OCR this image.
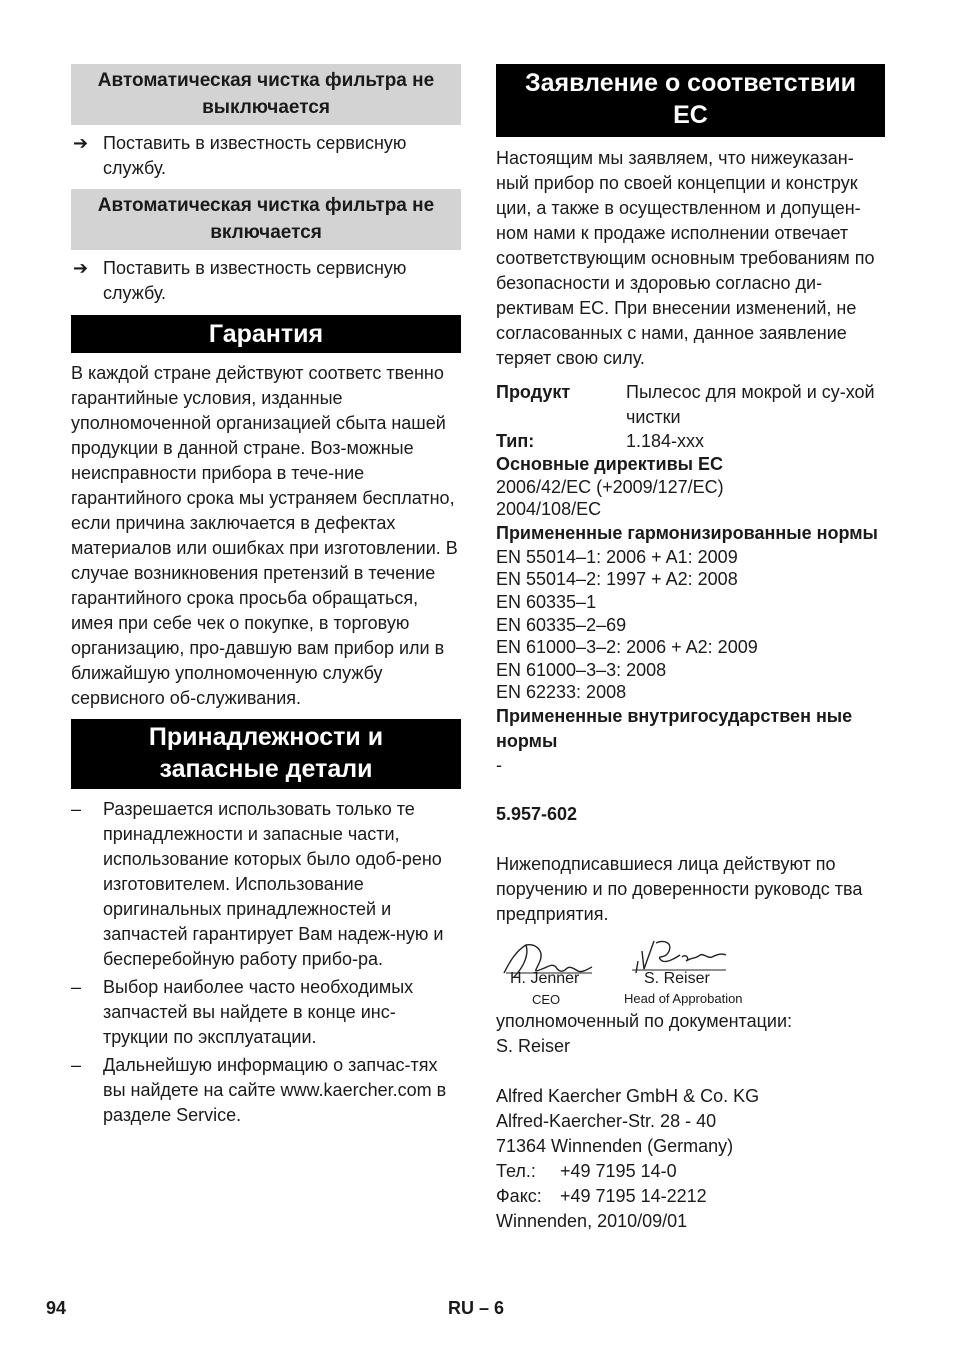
Автоматическая чистка фильтра не выключается
➔ Поставить в известность сервисную службу.
Автоматическая чистка фильтра не включается
➔ Поставить в известность сервисную службу.
Гарантия

В каждой стране действуют соответс твенно гарантийные условия, изданные уполномоченной организацией сбыта нашей продукции в данной стране. Воз-можные неисправности прибора в тече-ние гарантийного срока мы устраняем бесплатно, если причина заключается в дефектах материалов или ошибках при изготовлении. В случае возникновения претензий в течение гарантийного срока просьба обращаться, имея при себе чек о покупке, в торговую организацию, про-давшую вам прибор или в ближайшую уполномоченную службу сервисного об-служивания.

Принадлежности и
запасные детали
– Разрешается использовать только те принадлежности и запасные части, использование которых было одоб-рено изготовителем. Использование оригинальных принадлежностей и запчастей гарантирует Вам надеж-ную и бесперебойную работу прибо-ра.
– Выбор наиболее часто необходимых запчастей вы найдете в конце инс-трукции по эксплуатации.
– Дальнейшую информацию о запчас-тях вы найдете на сайте www.kaercher.com в разделе Service.
Заявление о соответствии
ЕС

Настоящим мы заявляем, что нижеуказан-ный прибор по своей концепции и конструк ции, а также в осуществленном и допущен-ном нами к продаже исполнении отвечает соответствующим основным требованиям по безопасности и здоровью согласно ди-рективам ЕС. При внесении изменений, не согласованных с нами, данное заявление теряет свою силу.

Продукт	Пылесос для мокрой и су-хой чистки
Тип:	1.184-xxx
Основные директивы ЕС
2006/42/EC (+2009/127/EC)
2004/108/EC
Примененные гармонизированные нормы
EN 55014–1: 2006 + A1: 2009
EN 55014–2: 1997 + A2: 2008
EN 60335–1
EN 60335–2–69
EN 61000–3–2: 2006 + A2: 2009
EN 61000–3–3: 2008
EN 62233: 2008
Примененные внутригосударствен ные нормы
-
5.957-602

Нижеподписавшиеся лица действуют по поручению и по доверенности руководс тва предприятия.

H. Jenner
CEO
S. Reiser
Head of Approbation
уполномоченный по документации:
S. Reiser
Alfred Kaercher GmbH & Co. KG
Alfred-Kaercher-Str. 28 - 40
71364 Winnenden (Germany)
Тел.: +49 7195 14-0
Факс: +49 7195 14-2212
Winnenden, 2010/09/01
94	RU – 6
